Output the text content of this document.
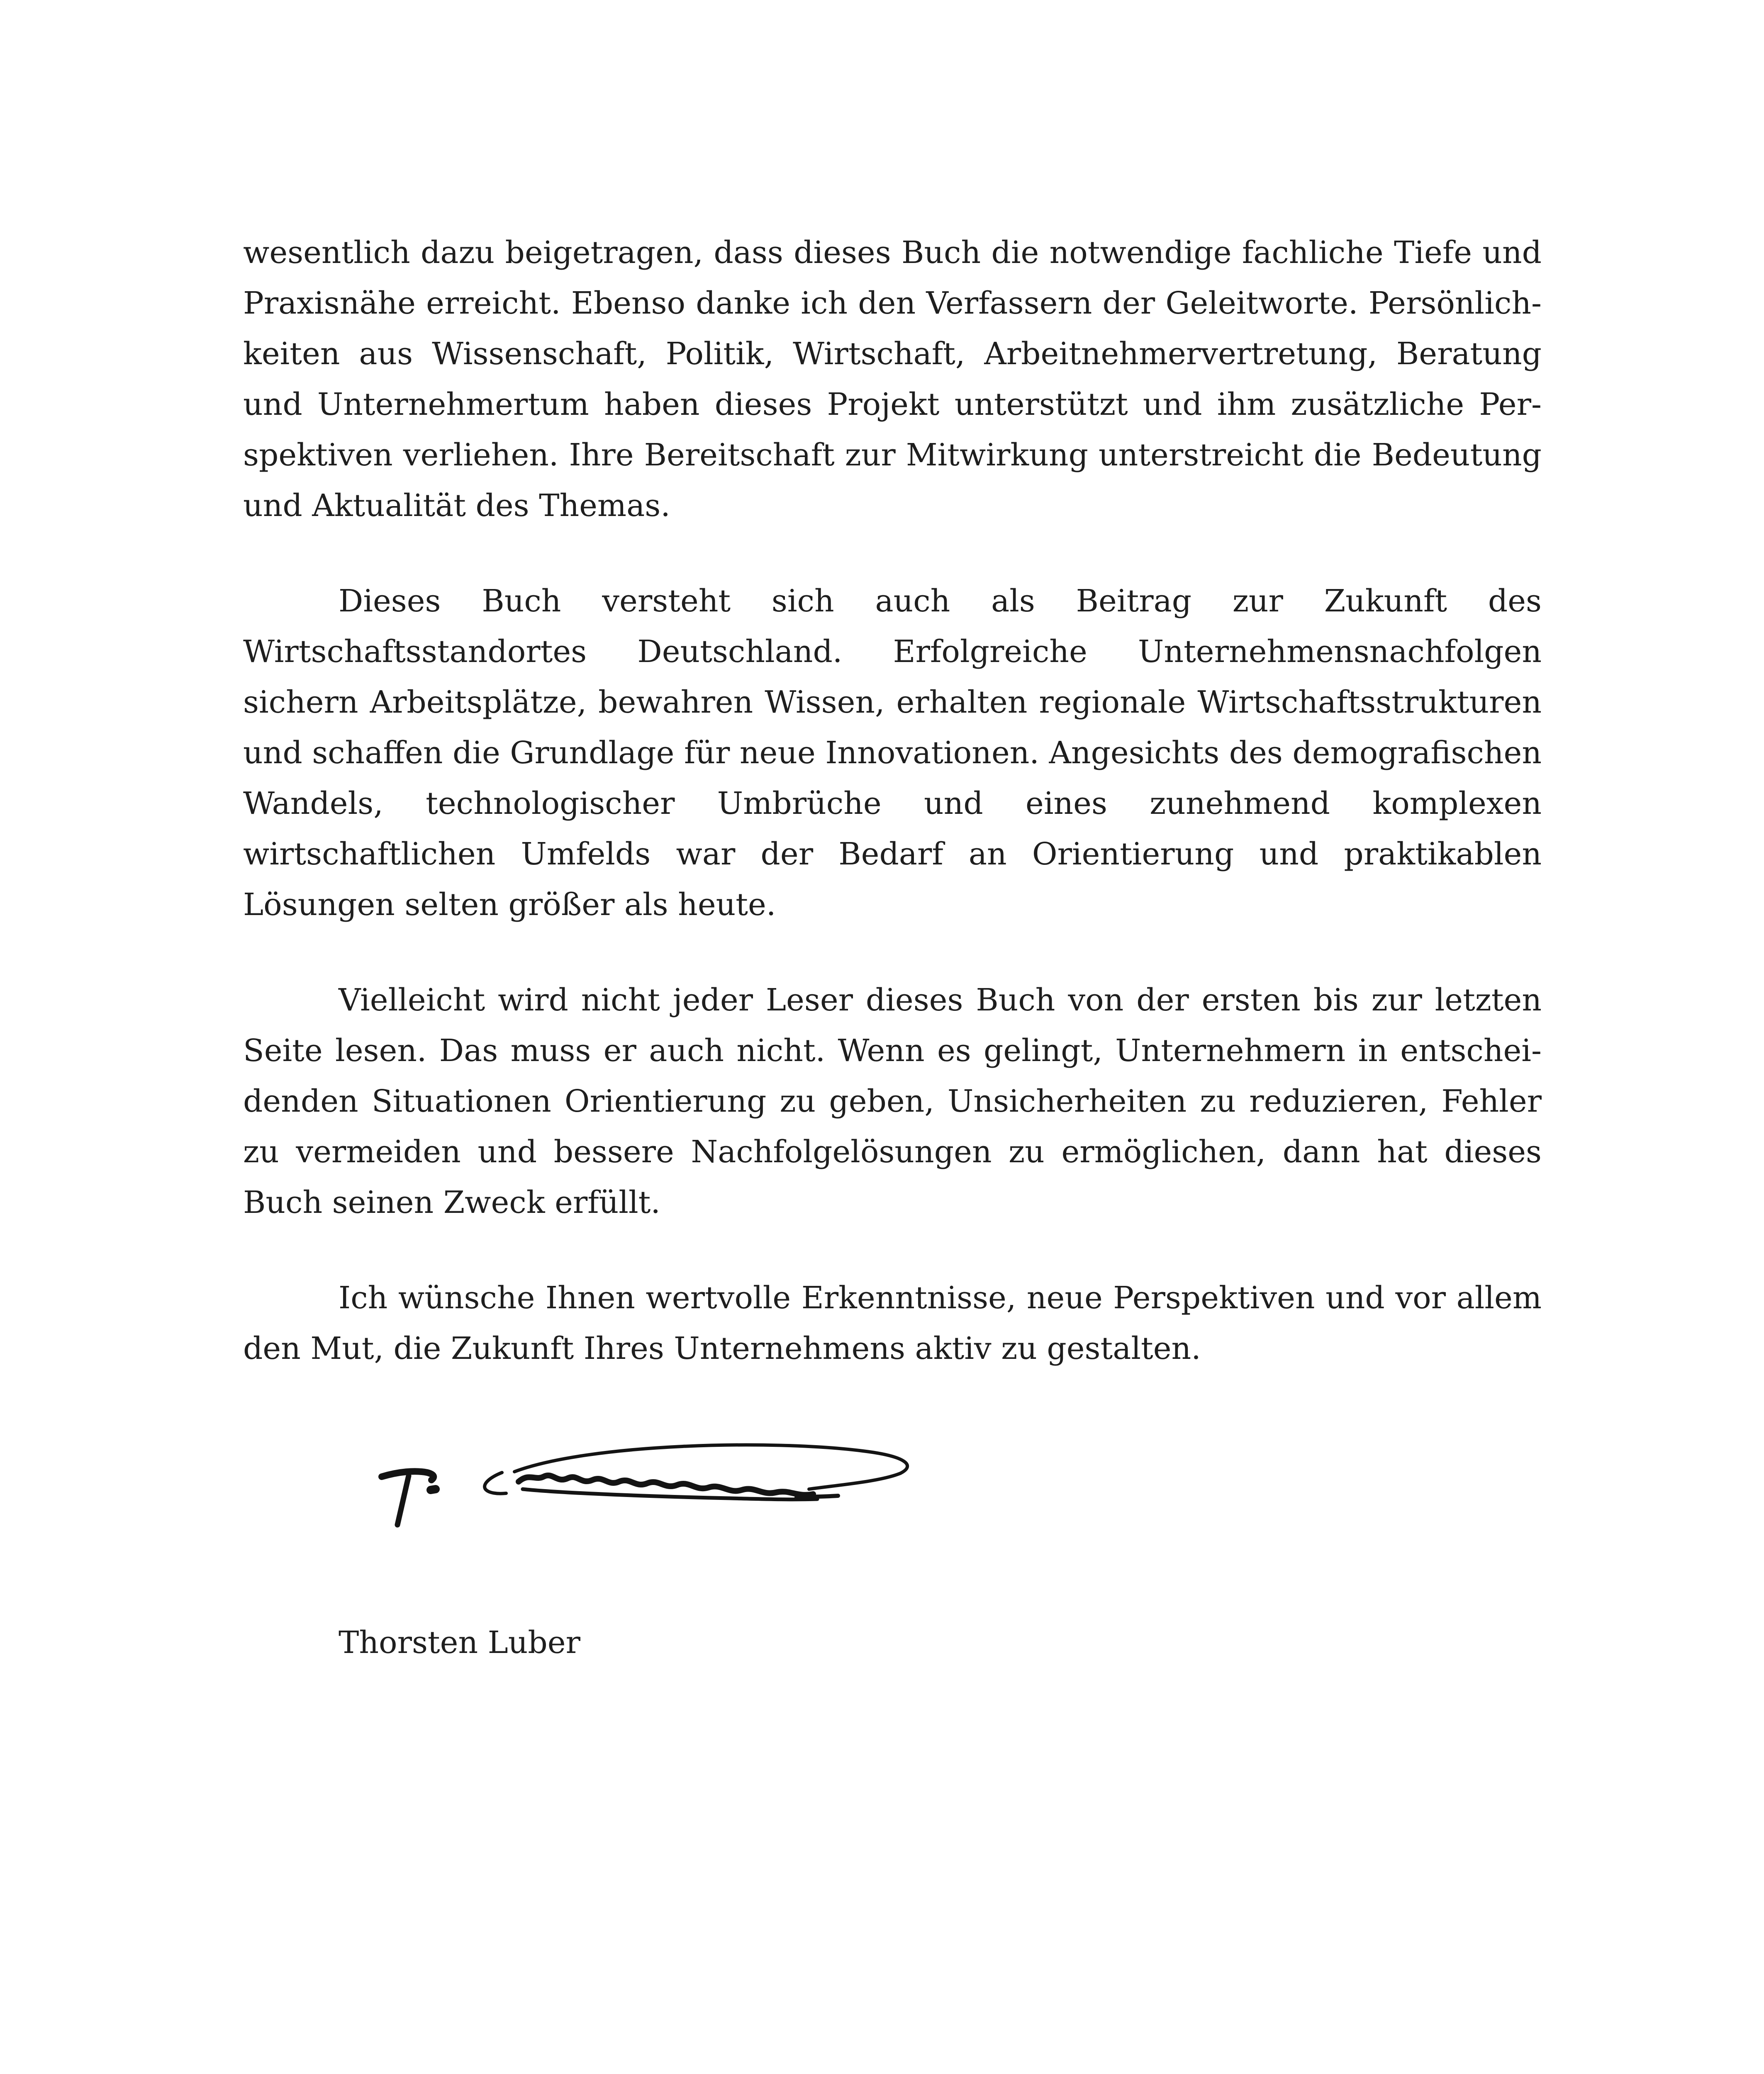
wesentlich dazu beigetragen, dass dieses Buch die notwendige fachliche Tiefe und Praxisnähe erreicht. Ebenso danke ich den Verfassern der Geleitworte. Persönlichkeiten aus Wissenschaft, Politik, Wirtschaft, Arbeitnehmervertretung, Beratung und Unternehmertum haben dieses Projekt unterstützt und ihm zusätzliche Perspektiven verliehen. Ihre Bereitschaft zur Mitwirkung unterstreicht die Bedeutung und Aktualität des Themas.

Dieses Buch versteht sich auch als Beitrag zur Zukunft des Wirtschaftsstandortes Deutschland. Erfolgreiche Unternehmensnachfolgen sichern Arbeitsplätze, bewahren Wissen, erhalten regionale Wirtschaftsstrukturen und schaffen die Grundlage für neue Innovationen. Angesichts des demografischen Wandels, technologischer Umbrüche und eines zunehmend komplexen wirtschaftlichen Umfelds war der Bedarf an Orientierung und praktikablen Lösungen selten größer als heute.

Vielleicht wird nicht jeder Leser dieses Buch von der ersten bis zur letzten Seite lesen. Das muss er auch nicht. Wenn es gelingt, Unternehmern in entscheidenden Situationen Orientierung zu geben, Unsicherheiten zu reduzieren, Fehler zu vermeiden und bessere Nachfolgelösungen zu ermöglichen, dann hat dieses Buch seinen Zweck erfüllt.

Ich wünsche Ihnen wertvolle Erkenntnisse, neue Perspektiven und vor allem den Mut, die Zukunft Ihres Unternehmens aktiv zu gestalten.

Thorsten Luber
